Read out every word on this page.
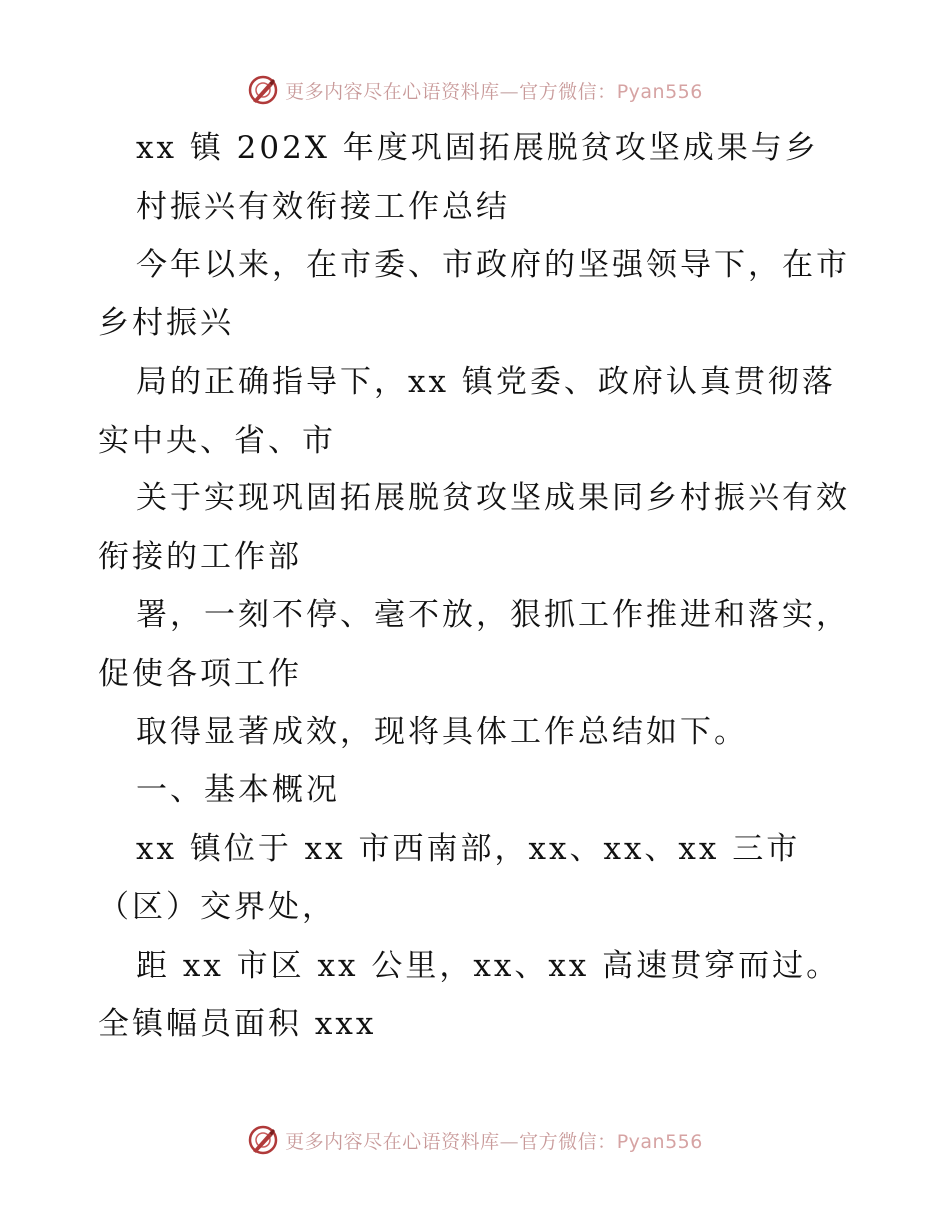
更多内容尽在心语资料库—官方微信：Pyan556
xx 镇 202X 年度巩固拓展脱贫攻坚成果与乡
村振兴有效衔接工作总结
今年以来，在市委、市政府的坚强领导下，在市
乡村振兴
局的正确指导下，xx 镇党委、政府认真贯彻落
实中央、省、市
关于实现巩固拓展脱贫攻坚成果同乡村振兴有效
衔接的工作部
署，一刻不停、毫不放，狠抓工作推进和落实，
促使各项工作
取得显著成效，现将具体工作总结如下。
一、基本概况
xx 镇位于 xx 市西南部，xx、xx、xx 三市
（区）交界处，
距 xx 市区 xx 公里，xx、xx 高速贯穿而过。
全镇幅员面积 xxx
更多内容尽在心语资料库—官方微信：Pyan556
